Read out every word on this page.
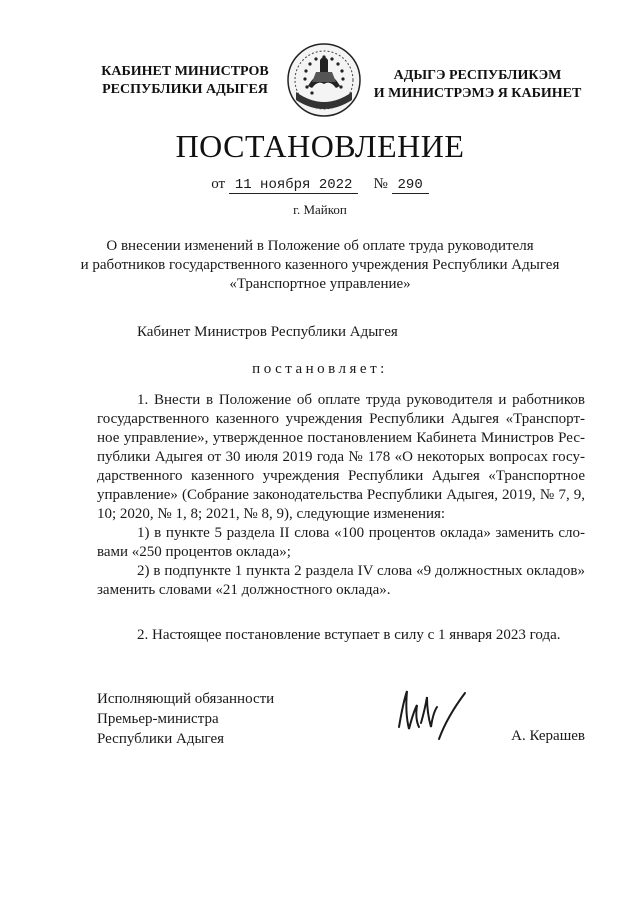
КАБИНЕТ МИНИСТРОВ
РЕСПУБЛИКИ АДЫГЕЯ
АДЫГЭ РЕСПУБЛИКЭМ
И МИНИСТРЭМЭ Я КАБИНЕТ
ПОСТАНОВЛЕНИЕ
от 11 ноября 2022 № 290
г. Майкоп
О внесении изменений в Положение об оплате труда руководителя
и работников государственного казенного учреждения Республики Адыгея
«Транспортное управление»
Кабинет Министров Республики Адыгея
постановляет:
1. Внести в Положение об оплате труда руководителя и работников
государственного казенного учреждения Республики Адыгея «Транспорт-
ное управление», утвержденное постановлением Кабинета Министров Рес-
публики Адыгея от 30 июля 2019 года № 178 «О некоторых вопросах госу-
дарственного казенного учреждения Республики Адыгея «Транспортное
управление» (Собрание законодательства Республики Адыгея, 2019, № 7, 9,
10; 2020, № 1, 8; 2021, № 8, 9), следующие изменения:
1) в пункте 5 раздела II слова «100 процентов оклада» заменить сло-
вами «250 процентов оклада»;
2) в подпункте 1 пункта 2 раздела IV слова «9 должностных окладов»
заменить словами «21 должностного оклада».
2. Настоящее постановление вступает в силу с 1 января 2023 года.
Исполняющий обязанности
Премьер-министра
Республики Адыгея	А. Керашев
